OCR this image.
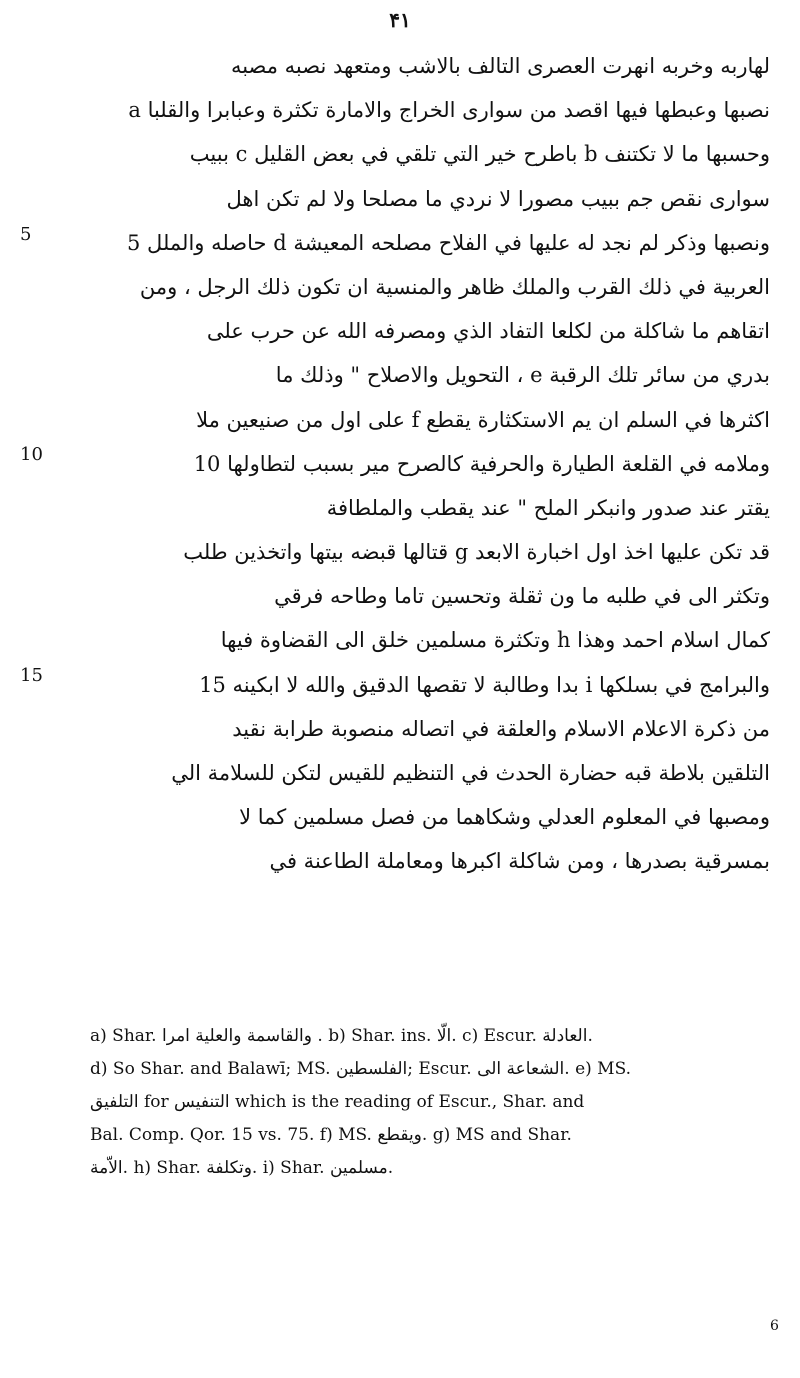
۴۱
لهاربه وخربه انهرت العصرى التالف بالاشب ومتعهد نصبه مصبه
نصبها وعبطها فيها اقصد من سوارى الخراج والامارة تكثرة وعبابرا والقلبا a
وحسبها ما لا تكتنف b باطرح خير التي تلقي في بعض القليل c ببيب
سوارى نقص جم ببيب مصورا لا نردي ما مصلحا ولا لم تكن اهل
ونصبها وذكر لم نجد له عليها في الفلاح مصلحه المعيشة d حاصله والملل 5
العربية في ذلك القرب والملك ظاهر والمنسية ان تكون ذلك الرجل ، ومن
اتقاهم ما شاكلة من لكلعا التفاد الذي ومصرفه الله عن حرب على
بدري من سائر تلك الرقبة e ، التحويل والاصلاح " وذلك ما
اكثرها في السلم ان يم الاستكثارة يقطع f على اول من صنيعين ملا
وملامه في القلعة الطيارة والحرفية كالصرح مير بسبب لتطاولها 10
يقتر عند صدور وانبكر الملح " عند يقطب والملطافة
قد تكن عليها اخذ اول اخبارة الابعد g قتالها قبضه بيتها واتخذين طلب
وتكثر الى في طلبه ما ون ثقلة وتحسين تاما وطاحه فرقي
كمال اسلام احمد وهذا h وتكثرة مسلمين خلق الى القضاوة فيها
والبرامج في بسلكها i بدا وطالبة لا تقصها الدقيق والله لا ابكينه 15
من ذكرة الاعلام الاسلام والعلقة في اتصاله منصوبة طرابة نقيد
التلقين بلاطة قبه حضارة الحدث في التنظيم للقيس لتكن للسلامة الي
ومصبها في المعلوم العدلي وشكاهما من فصل مسلمين كما لا
بمسرقية بصدرها ، ومن شاكلة اكبرها ومعاملة الطاعنة في
5
10
15
a) Shar. والقاسمة والعلية امرا . b) Shar. ins. الّا. c) Escur. العادلة.
d) So Shar. and Balawī; MS. الفلسطين; Escur. الشعاعة الى. e) MS.
التلفيق for التنفيس which is the reading of Escur., Shar. and
Bal. Comp. Qor. 15 vs. 75. f) MS. ويقطع. g) MS and Shar.
الاّمة. h) Shar. وتكلفة. i) Shar. مسلمين.
6
